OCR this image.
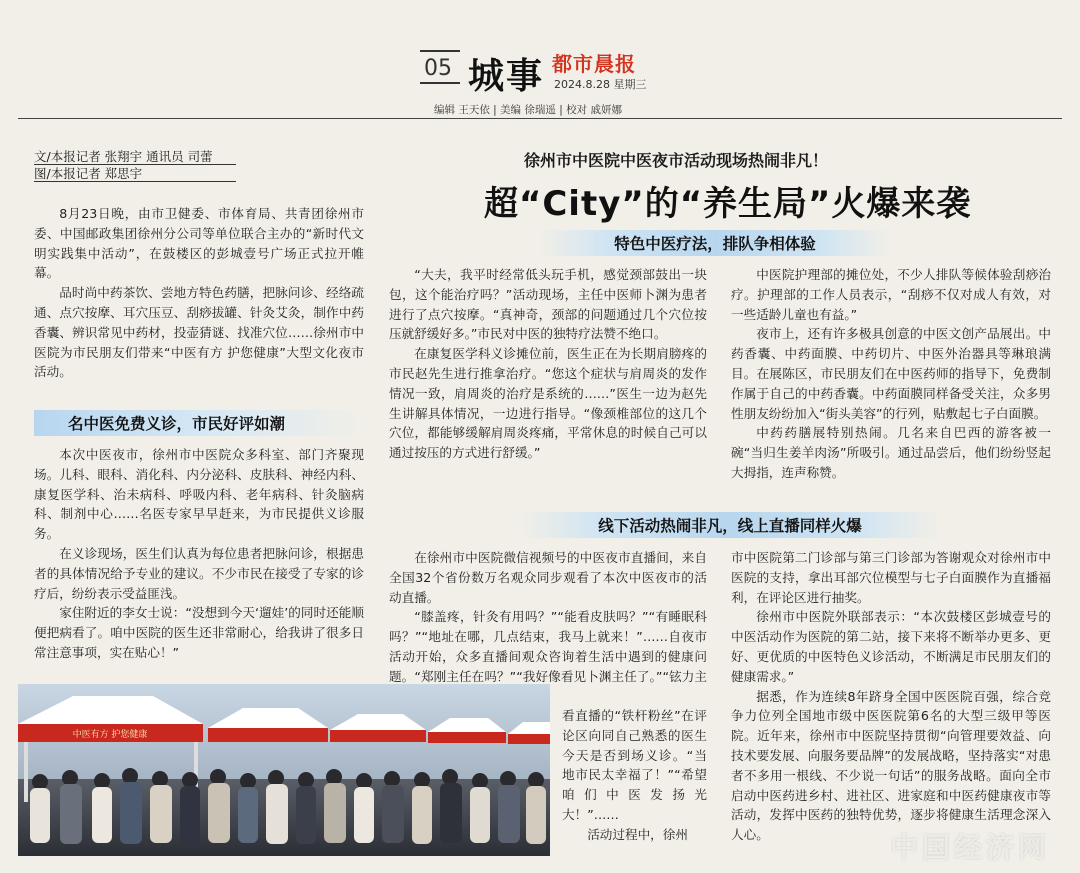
05 城事 都市晨报
2024.8.28 星期三
编辑 王天依 | 美编 徐瑞遥 | 校对 戚妍娜
文/本报记者 张翔宇 通讯员 司蕾
图/本报记者 郑思宇

8月23日晚，由市卫健委、市体育局、共青团徐州市委、中国邮政集团徐州分公司等单位联合主办的“新时代文明实践集中活动”，在鼓楼区的彭城壹号广场正式拉开帷幕。

品时尚中药茶饮、尝地方特色药膳，把脉问诊、经络疏通、点穴按摩、耳穴压豆、刮痧拔罐、针灸艾灸，制作中药香囊、辨识常见中药材，投壶猜谜、找准穴位……徐州市中医院为市民朋友们带来“中医有方 护您健康”大型文化夜市活动。

徐州市中医院中医夜市活动现场热闹非凡！
超“City”的“养生局”火爆来袭
名中医免费义诊，市民好评如潮

本次中医夜市，徐州市中医院众多科室、部门齐聚现场。儿科、眼科、消化科、内分泌科、皮肤科、神经内科、康复医学科、治未病科、呼吸内科、老年病科、针灸脑病科、制剂中心……名医专家早早赶来，为市民提供义诊服务。

在义诊现场，医生们认真为每位患者把脉问诊，根据患者的具体情况给予专业的建议。不少市民在接受了专家的诊疗后，纷纷表示受益匪浅。

家住附近的李女士说：“没想到今天‘遛娃’的同时还能顺便把病看了。咱中医院的医生还非常耐心，给我讲了很多日常注意事项，实在贴心！”

特色中医疗法，排队争相体验

“大夫，我平时经常低头玩手机，感觉颈部鼓出一块包，这个能治疗吗？”活动现场，主任中医师卜渊为患者进行了点穴按摩。“真神奇，颈部的问题通过几个穴位按压就舒缓好多。”市民对中医的独特疗法赞不绝口。

在康复医学科义诊摊位前，医生正在为长期肩膀疼的市民赵先生进行推拿治疗。“您这个症状与肩周炎的发作情况一致，肩周炎的治疗是系统的……”医生一边为赵先生讲解具体情况，一边进行指导。“像颈椎部位的这几个穴位，都能够缓解肩周炎疼痛，平常休息的时候自己可以通过按压的方式进行舒缓。”

中医院护理部的摊位处，不少人排队等候体验刮痧治疗。护理部的工作人员表示，“刮痧不仅对成人有效，对一些适龄儿童也有益。”

夜市上，还有许多极具创意的中医文创产品展出。中药香囊、中药面膜、中药切片、中医外治器具等琳琅满目。在展陈区，市民朋友们在中医药师的指导下，免费制作属于自己的中药香囊。中药面膜同样备受关注，众多男性朋友纷纷加入“街头美容”的行列，贴敷起七子白面膜。

中药药膳展特别热闹。几名来自巴西的游客被一碗“当归生姜羊肉汤”所吸引。通过品尝后，他们纷纷竖起大拇指，连声称赞。

线下活动热闹非凡，线上直播同样火爆

在徐州市中医院微信视频号的中医夜市直播间，来自全国32个省份数万名观众同步观看了本次中医夜市的活动直播。

“膝盖疼，针灸有用吗？”“能看皮肤吗？”“有睡眠科吗？”“地址在哪，几点结束，我马上就来！”……自夜市活动开始，众多直播间观众咨询着生活中遇到的健康问题。“郑刚主任在吗？”“我好像看见卜渊主任了。”“铉力主

看直播的“铁杆粉丝”在评论区向同自己熟悉的医生今天是否到场义诊。“当地市民太幸福了！”“希望咱们中医发扬光大！”……

活动过程中，徐州

市中医院第二门诊部与第三门诊部为答谢观众对徐州市中医院的支持，拿出耳部穴位模型与七子白面膜作为直播福利，在评论区进行抽奖。

徐州市中医院外联部表示：“本次鼓楼区彭城壹号的中医活动作为医院的第二站，接下来将不断举办更多、更好、更优质的中医特色义诊活动，不断满足市民朋友们的健康需求。”

据悉，作为连续8年跻身全国中医医院百强，综合竞争力位列全国地市级中医医院第6名的大型三级甲等医院。近年来，徐州市中医院坚持贯彻“向管理要效益、向技术要发展、向服务要品牌”的发展战略，坚持落实“对患者不多用一根线、不少说一句话”的服务战略。面向全市启动中医药进乡村、进社区、进家庭和中医药健康夜市等活动，发挥中医药的独特优势，逐步将健康生活理念深入人心。

中医有方 护您健康
中国经济网
